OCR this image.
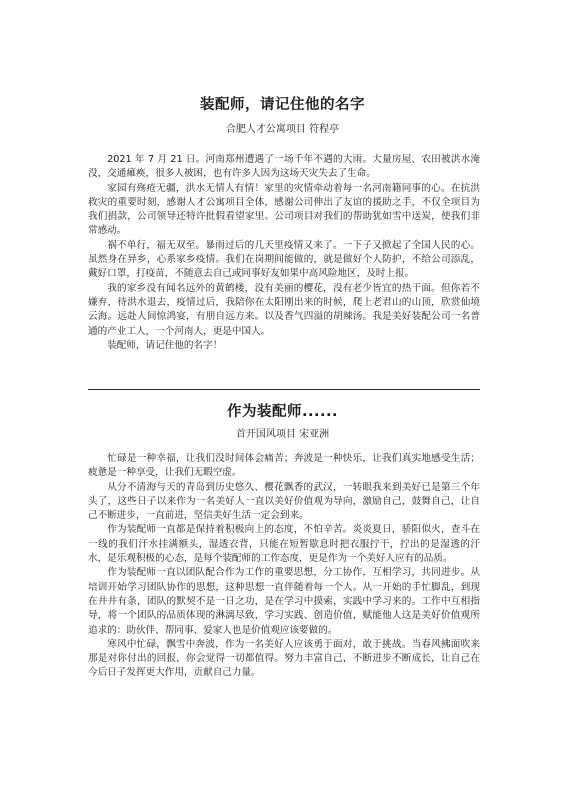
装配师，请记住他的名字
合肥人才公寓项目 符程亭

2021 年 7 月 21 日。河南郑州遭遇了一场千年不遇的大雨。大量房屋、农田被洪水淹没，交通瘫痪，很多人被困，也有许多人因为这场天灾失去了生命。

家园有殇疮无疆，洪水无情人有情！家里的灾情牵动着每一名河南籍同事的心。在抗洪救灾的重要时刻，感谢人才公寓项目全体，感谢公司伸出了友谊的援助之手，不仅全项目为我们捐款，公司领导还特许批假看望家里。公司项目对我们的帮助犹如雪中送炭，使我们非常感动。

祸不单行，福无双至。暴雨过后的几天里疫情又来了。一下子又掀起了全国人民的心。虽然身在异乡，心系家乡疫情。我们在岗期间能做的，就是做好个人防护，不给公司添乱，戴好口罩，打疫苗，不随意去自己或同事好友如果中高风险地区，及时上报。

我的家乡没有闻名远外的黄鹤楼，没有美丽的樱花，没有老少皆宜的热干面。但你若不嫌弃，待洪水退去，疫情过后，我陪你在太阳刚出来的时候，爬上老君山的山顶，欣赏仙境云海。远赴人间惊鸿宴，有朋自远方来。以及香气四溢的胡辣汤。我是美好装配公司一名普通的产业工人，一个河南人，更是中国人。

装配师，请记住他的名字！

作为装配师......
首开国风项目 宋亚洲

忙碌是一种幸福，让我们没时间体会痛苦；奔波是一种快乐，让我们真实地感受生活；疲惫是一种享受，让我们无暇空虚。

从分不清海与天的青岛到历史悠久、樱花飘香的武汉，一转眼我来到美好已是第三个年头了，这些日子以来作为一名美好人一直以美好价值观为导向，激励自己，鼓舞自己，让自己不断进步，一直前进，坚信美好生活一定会到来。

作为装配师一直都是保持着积极向上的态度，不怕辛苦。炎炎夏日，骄阳似火，查斗在一线的我们汗水挂满额头，湿透衣背，只能在短暂歇息时把衣服拧干，拧出的是湿透的汗水，是乐观积极的心态，是每个装配师的工作态度，更是作为一个美好人应有的品质。

作为装配师一直以团队配合作为工作的重要思想，分工协作，互相学习，共同进步。从培训开始学习团队协作的思想，这种思想一直伴随着每一个人。从一开始的手忙脚乱，到现在井井有条，团队的默契不是一日之功，是在学习中摸索，实践中学习来的。工作中互相指导，将一个团队的品质体现的淋漓尽致，学习实践、创造价值，赋能他人这是美好价值观所追求的：助伙伴、帮同事、爱家人也是价值观应该要做的。

寒风中忙碌，飘雪中奔波，作为一名美好人应该勇于面对，敢于挑战。当春风拂面吹来那是对你付出的回报，你会觉得一切都值得。努力丰富自己，不断进步不断成长，让自己在今后日子发挥更大作用，贡献自己力量。
